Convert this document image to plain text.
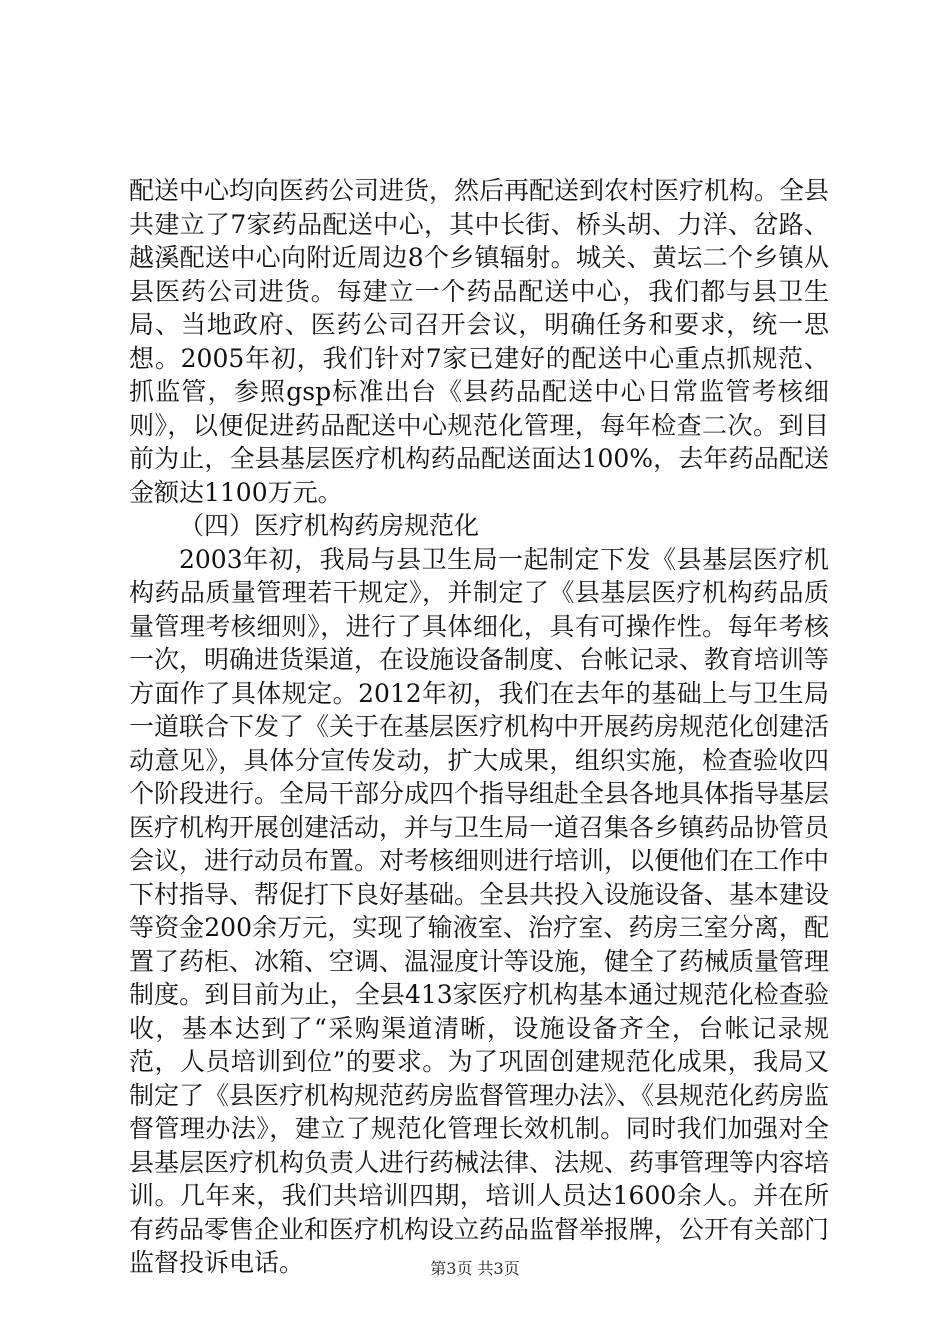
配送中心均向医药公司进货，然后再配送到农村医疗机构。全县共建立了7家药品配送中心，其中长街、桥头胡、力洋、岔路、越溪配送中心向附近周边8个乡镇辐射。城关、黄坛二个乡镇从县医药公司进货。每建立一个药品配送中心，我们都与县卫生局、当地政府、医药公司召开会议，明确任务和要求，统一思想。2005年初，我们针对7家已建好的配送中心重点抓规范、抓监管，参照gsp标准出台《县药品配送中心日常监管考核细则》，以便促进药品配送中心规范化管理，每年检查二次。到目前为止，全县基层医疗机构药品配送面达100%，去年药品配送金额达1100万元。

（四）医疗机构药房规范化

2003年初，我局与县卫生局一起制定下发《县基层医疗机构药品质量管理若干规定》，并制定了《县基层医疗机构药品质量管理考核细则》，进行了具体细化，具有可操作性。每年考核一次，明确进货渠道，在设施设备制度、台帐记录、教育培训等方面作了具体规定。2012年初，我们在去年的基础上与卫生局一道联合下发了《关于在基层医疗机构中开展药房规范化创建活动意见》，具体分宣传发动，扩大成果，组织实施，检查验收四个阶段进行。全局干部分成四个指导组赴全县各地具体指导基层医疗机构开展创建活动，并与卫生局一道召集各乡镇药品协管员会议，进行动员布置。对考核细则进行培训，以便他们在工作中下村指导、帮促打下良好基础。全县共投入设施设备、基本建设等资金200余万元，实现了输液室、治疗室、药房三室分离，配置了药柜、冰箱、空调、温湿度计等设施，健全了药械质量管理制度。到目前为止，全县413家医疗机构基本通过规范化检查验收，基本达到了“采购渠道清晰，设施设备齐全，台帐记录规范，人员培训到位”的要求。为了巩固创建规范化成果，我局又制定了《县医疗机构规范药房监督管理办法》、《县规范化药房监督管理办法》，建立了规范化管理长效机制。同时我们加强对全县基层医疗机构负责人进行药械法律、法规、药事管理等内容培训。几年来，我们共培训四期，培训人员达1600余人。并在所有药品零售企业和医疗机构设立药品监督举报牌，公开有关部门监督投诉电话。	第3页 共3页
